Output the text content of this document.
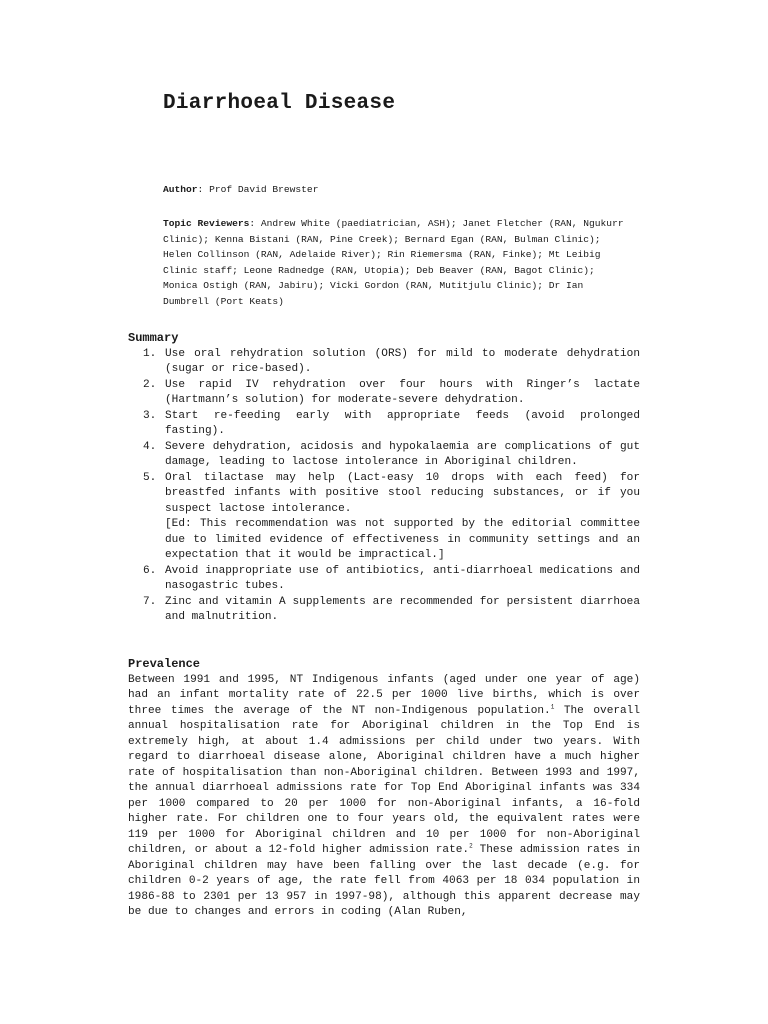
Diarrhoeal Disease
Author: Prof David Brewster
Topic Reviewers: Andrew White (paediatrician, ASH); Janet Fletcher (RAN, Ngukurr Clinic); Kenna Bistani (RAN, Pine Creek); Bernard Egan (RAN, Bulman Clinic); Helen Collinson (RAN, Adelaide River); Rin Riemersma (RAN, Finke); Mt Leibig Clinic staff; Leone Radnedge (RAN, Utopia); Deb Beaver (RAN, Bagot Clinic); Monica Ostigh (RAN, Jabiru); Vicki Gordon (RAN, Mutitjulu Clinic); Dr Ian Dumbrell (Port Keats)
Summary
1. Use oral rehydration solution (ORS) for mild to moderate dehydration (sugar or rice-based).
2. Use rapid IV rehydration over four hours with Ringer’s lactate (Hartmann’s solution) for moderate-severe dehydration.
3. Start re-feeding early with appropriate feeds (avoid prolonged fasting).
4. Severe dehydration, acidosis and hypokalaemia are complications of gut damage, leading to lactose intolerance in Aboriginal children.
5. Oral tilactase may help (Lact-easy 10 drops with each feed) for breastfed infants with positive stool reducing substances, or if you suspect lactose intolerance.
[Ed: This recommendation was not supported by the editorial committee due to limited evidence of effectiveness in community settings and an expectation that it would be impractical.]
6. Avoid inappropriate use of antibiotics, anti-diarrhoeal medications and nasogastric tubes.
7. Zinc and vitamin A supplements are recommended for persistent diarrhoea and malnutrition.
Prevalence

Between 1991 and 1995, NT Indigenous infants (aged under one year of age) had an infant mortality rate of 22.5 per 1000 live births, which is over three times the average of the NT non-Indigenous population.$^1$ The overall annual hospitalisation rate for Aboriginal children in the Top End is extremely high, at about 1.4 admissions per child under two years. With regard to diarrhoeal disease alone, Aboriginal children have a much higher rate of hospitalisation than non-Aboriginal children. Between 1993 and 1997, the annual diarrhoeal admissions rate for Top End Aboriginal infants was 334 per 1000 compared to 20 per 1000 for non-Aboriginal infants, a 16-fold higher rate. For children one to four years old, the equivalent rates were 119 per 1000 for Aboriginal children and 10 per 1000 for non-Aboriginal children, or about a 12-fold higher admission rate.$^2$ These admission rates in Aboriginal children may have been falling over the last decade (e.g. for children 0-2 years of age, the rate fell from 4063 per 18 034 population in 1986-88 to 2301 per 13 957 in 1997-98), although this apparent decrease may be due to changes and errors in coding (Alan Ruben,
